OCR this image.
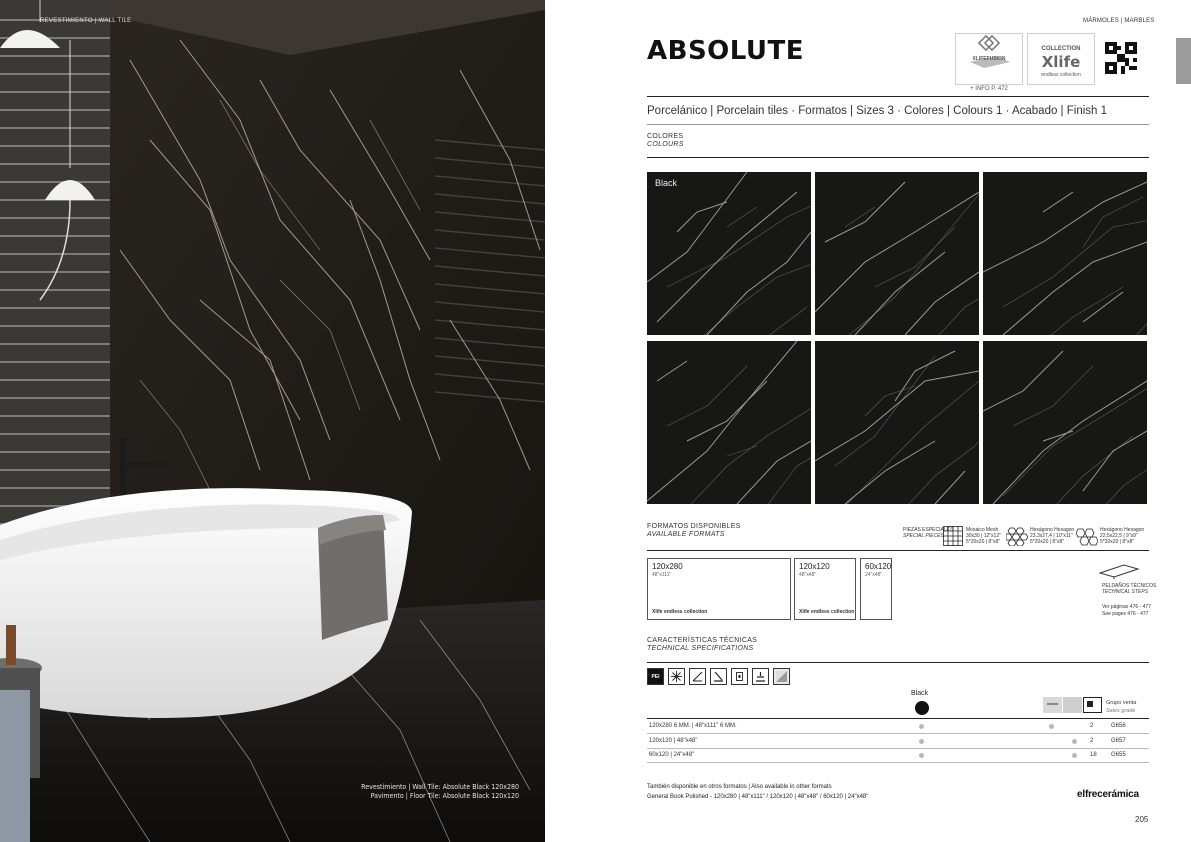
REVESTIMIENTO | WALL TILE
Revestimiento | Wall Tile: Absolute Black 120x280
Pavimento | Floor Tile: Absolute Black 120x120
MÁRMOLES | MARBLES
ABSOLUTE	XLIFEFUSION
+ INFO P. 472
COLLECTION
Xlife
endless collection
Porcelánico | Porcelain tiles · Formatos | Sizes 3 · Colores | Colours 1 · Acabado | Finish 1
COLORES
COLOURS
Black
FORMATOS DISPONIBLES
AVAILABLE FORMATS
PIEZAS ESPECIALES
SPECIAL PIECES
Mosaico Mesh
30x30 | 12"x12"
5*20x20 | 8"x8"
Hexágono Hexagon
23,3x27,4 | 10"x11"
5*20x20 | 8"x8"
Hexágono Hexagon
22,5x22,5 | 9"x9"
5*20x20 | 8"x8"
120x280
48"x111"
Xlife endless collection
120x120
48"x48"
Xlife endless collection
60x120
24"x48"
PELDAÑOS TÉCNICOS
TECHNICAL STEPS
Ver páginas 476 - 477
See pages 476 - 477
CARACTERÍSTICAS TÉCNICAS
TECHNICAL SPECIFICATIONS
PEI
Black
Grupo venta
Sales grade
120x280 6 MM. | 48"x111" 6 MM.	2	G656
120x120 | 48"x48"	2	G657
60x120 | 24"x48"	18 G655
También disponible en otros formatos | Also available in other formats
General Book Polished - 120x280 | 48"x111" / 120x120 | 48"x48" / 60x120 | 24"x48"	elfrecerámica
205
